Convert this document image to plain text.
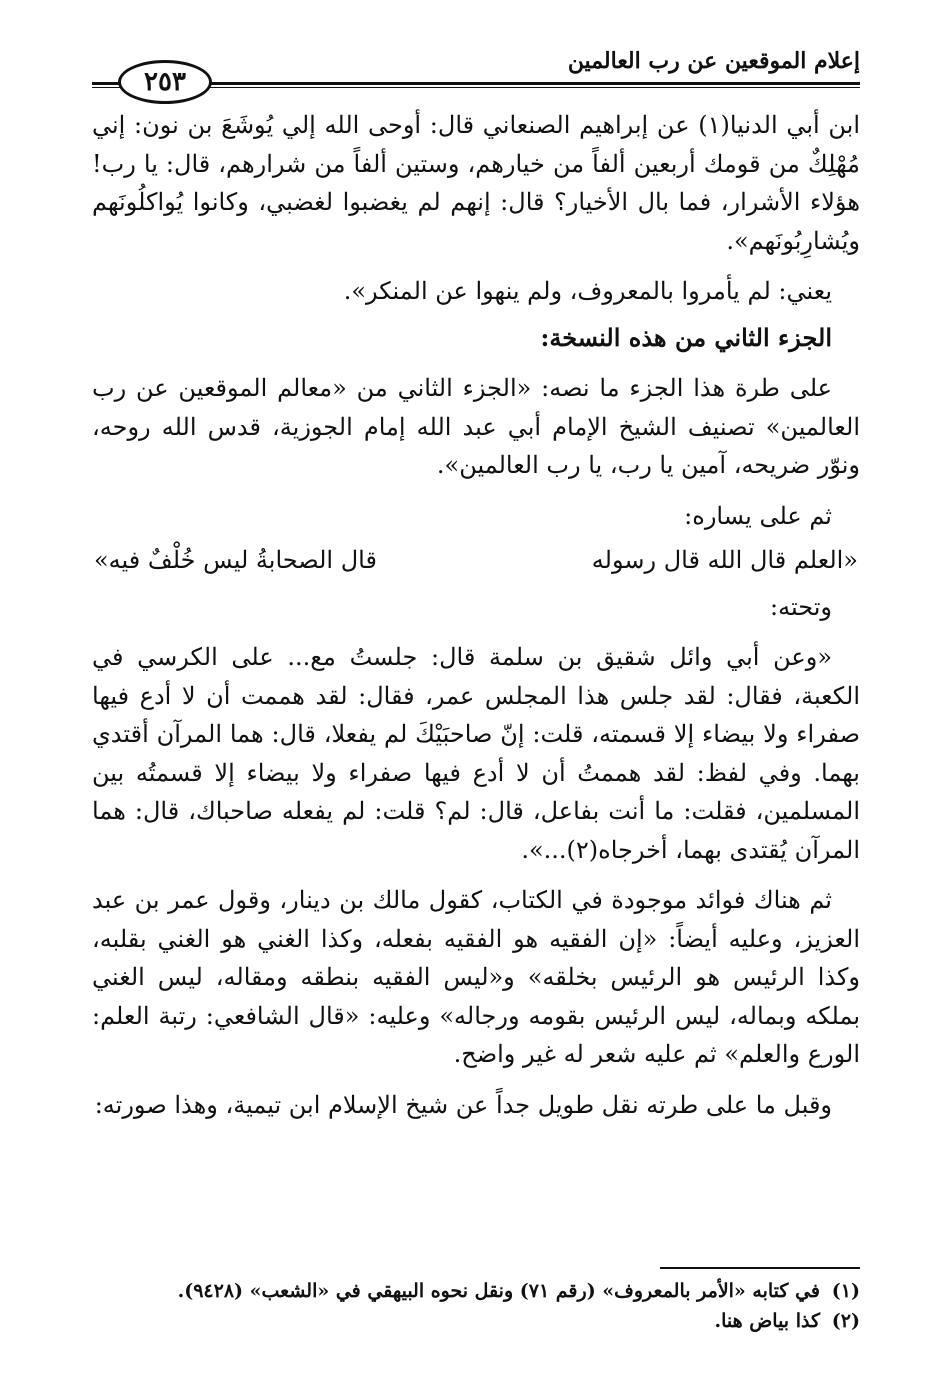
إعلام الموقعين عن رب العالمين
٢٥٣

ابن أبي الدنيا(١) عن إبراهيم الصنعاني قال: أوحى الله إلي يُوشَعَ بن نون: إني مُهْلِكٌ من قومك أربعين ألفاً من خيارهم، وستين ألفاً من شرارهم، قال: يا رب! هؤلاء الأشرار، فما بال الأخيار؟ قال: إنهم لم يغضبوا لغضبي، وكانوا يُواكلُونَهم ويُشارِبُونَهم».

يعني: لم يأمروا بالمعروف، ولم ينهوا عن المنكر».

الجزء الثاني من هذه النسخة:

على طرة هذا الجزء ما نصه: «الجزء الثاني من «معالم الموقعين عن رب العالمين» تصنيف الشيخ الإمام أبي عبد الله إمام الجوزية، قدس الله روحه، ونوّر ضريحه، آمين يا رب، يا رب العالمين».

ثم على يساره:

«العلم قال الله قال رسوله
قال الصحابةُ ليس خُلْفٌ فيه»

وتحته:

«وعن أبي وائل شقيق بن سلمة قال: جلستُ مع... على الكرسي في الكعبة، فقال: لقد جلس هذا المجلس عمر، فقال: لقد هممت أن لا أدع فيها صفراء ولا بيضاء إلا قسمته، قلت: إنّ صاحبَيْكَ لم يفعلا، قال: هما المرآن أقتدي بهما. وفي لفظ: لقد هممتُ أن لا أدع فيها صفراء ولا بيضاء إلا قسمتُه بين المسلمين، فقلت: ما أنت بفاعل، قال: لم؟ قلت: لم يفعله صاحباك، قال: هما المرآن يُقتدى بهما، أخرجاه(٢)...».

ثم هناك فوائد موجودة في الكتاب، كقول مالك بن دينار، وقول عمر بن عبد العزيز، وعليه أيضاً: «إن الفقيه هو الفقيه بفعله، وكذا الغني هو الغني بقلبه، وكذا الرئيس هو الرئيس بخلقه» و«ليس الفقيه بنطقه ومقاله، ليس الغني بملكه وبماله، ليس الرئيس بقومه ورجاله» وعليه: «قال الشافعي: رتبة العلم: الورع والعلم» ثم عليه شعر له غير واضح.

وقبل ما على طرته نقل طويل جداً عن شيخ الإسلام ابن تيمية، وهذا صورته:

(١)
في كتابه «الأمر بالمعروف» (رقم ٧١) ونقل نحوه البيهقي في «الشعب» (٩٤٢٨).
(٢)
كذا بياض هنا.
